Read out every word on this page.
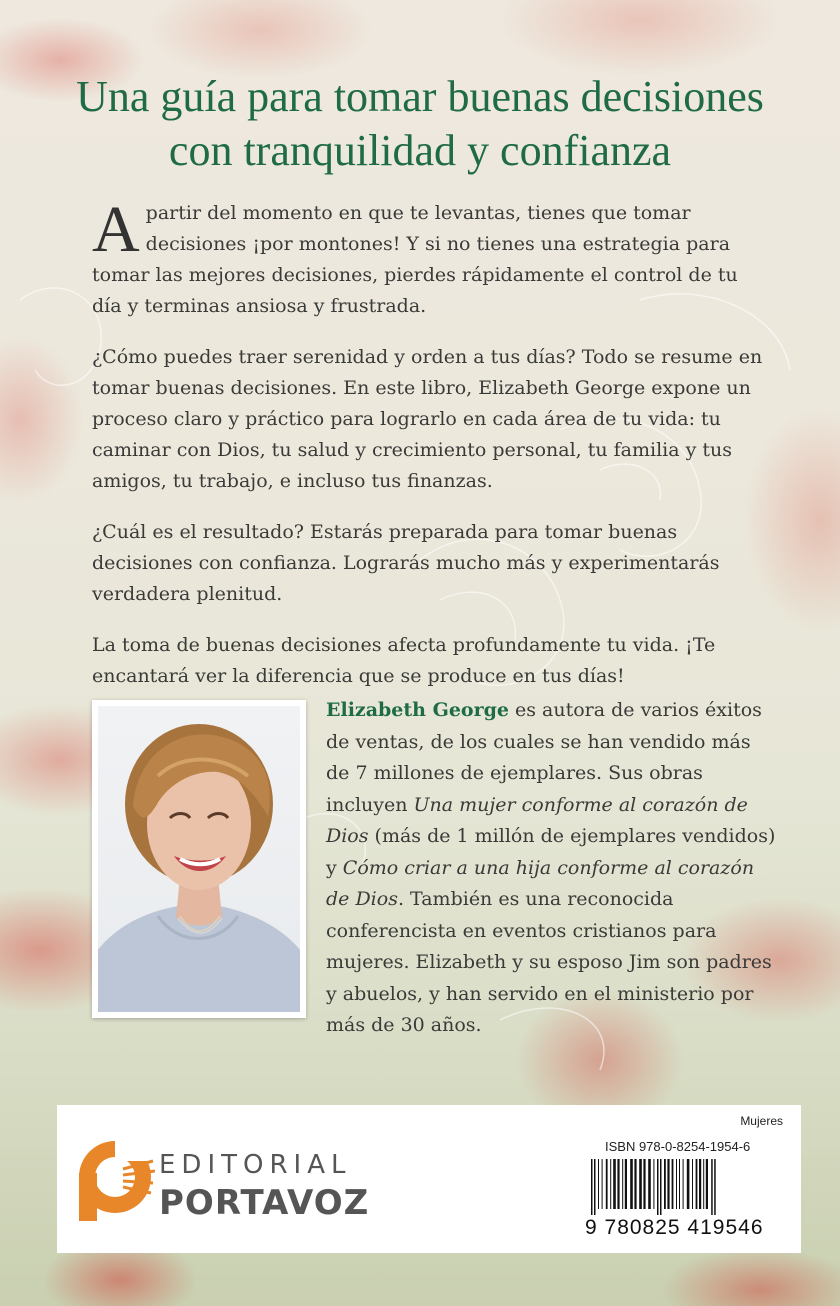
Una guía para tomar buenas decisiones
con tranquilidad y confianza

Apartir del momento en que te levantas, tienes que tomar decisiones ¡por montones! Y si no tienes una estrategia para tomar las mejores decisiones, pierdes rápidamente el control de tu día y terminas ansiosa y frustrada.

¿Cómo puedes traer serenidad y orden a tus días? Todo se resume en tomar buenas decisiones. En este libro, Elizabeth George expone un proceso claro y práctico para lograrlo en cada área de tu vida: tu caminar con Dios, tu salud y crecimiento personal, tu familia y tus amigos, tu trabajo, e incluso tus finanzas.

¿Cuál es el resultado? Estarás preparada para tomar buenas decisiones con confianza. Lograrás mucho más y experimentarás verdadera plenitud.

La toma de buenas decisiones afecta profundamente tu vida. ¡Te encantará ver la diferencia que se produce en tus días!

Elizabeth George es autora de varios éxitos de ventas, de los cuales se han vendido más de 7 millones de ejemplares. Sus obras incluyen Una mujer conforme al corazón de Dios (más de 1 millón de ejemplares vendidos) y Cómo criar a una hija conforme al corazón de Dios. También es una reconocida conferencista en eventos cristianos para mujeres. Elizabeth y su esposo Jim son padres y abuelos, y han servido en el ministerio por más de 30 años.
EDITORIAL
PORTAVOZ
Mujeres
ISBN 978-0-8254-1954-6
9 780825 419546
